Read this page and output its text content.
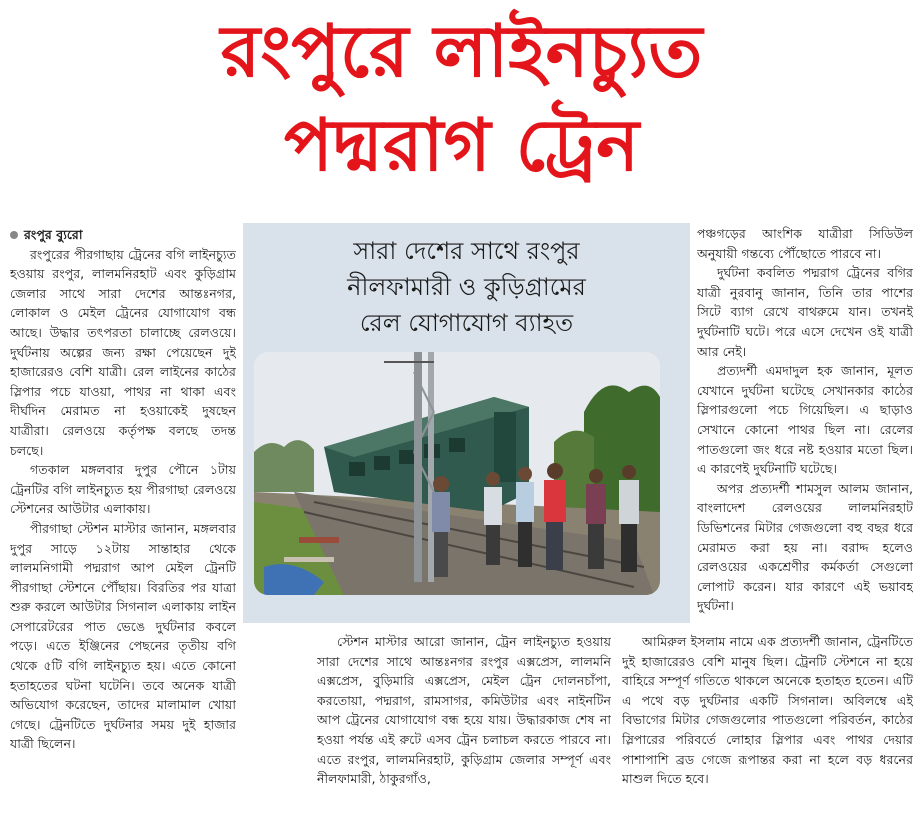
রংপুরে লাইনচ্যুত
পদ্মরাগ ট্রেন

রংপুর ব্যুরো

রংপুরের পীরগাছায় ট্রেনের বগি লাইনচ্যুত হওয়ায় রংপুর, লালমনিরহাট এবং কুড়িগ্রাম জেলার সাথে সারা দেশের আন্তঃনগর, লোকাল ও মেইল ট্রেনের যোগাযোগ বন্ধ আছে। উদ্ধার তৎপরতা চালাচ্ছে রেলওয়ে। দুর্ঘটনায় অল্পের জন্য রক্ষা পেয়েছেন দুই হাজারেরও বেশি যাত্রী। রেল লাইনের কাঠের স্লিপার পচে যাওয়া, পাথর না থাকা এবং দীর্ঘদিন মেরামত না হওয়াকেই দুষছেন যাত্রীরা। রেলওয়ে কর্তৃপক্ষ বলছে তদন্ত চলছে।

গতকাল মঙ্গলবার দুপুর পৌনে ১টায় ট্রেনটির বগি লাইনচ্যুত হয় পীরগাছা রেলওয়ে স্টেশনের আউটার এলাকায়।

পীরগাছা স্টেশন মাস্টার জানান, মঙ্গলবার দুপুর সাড়ে ১২টায় সান্তাহার থেকে লালমনিগামী পদ্মরাগ আপ মেইল ট্রেনটি পীরগাছা স্টেশনে পৌঁছায়। বিরতির পর যাত্রা শুরু করলে আউটার সিগনাল এলাকায় লাইন সেপারেটরের পাত ভেঙে দুর্ঘটনার কবলে পড়ে। এতে ইঞ্জিনের পেছনের তৃতীয় বগি থেকে ৫টি বগি লাইনচ্যুত হয়। এতে কোনো হতাহতের ঘটনা ঘটেনি। তবে অনেক যাত্রী অভিযোগ করেছেন, তাদের মালামাল খোয়া গেছে। ট্রেনটিতে দুর্ঘটনার সময় দুই হাজার যাত্রী ছিলেন।

সারা দেশের সাথে রংপুর
নীলফামারী ও কুড়িগ্রামের
রেল যোগাযোগ ব্যাহত

পঞ্চগড়ের আংশিক যাত্রীরা সিডিউল অনুযায়ী গন্তব্যে পৌঁছোতে পারবে না।

দুর্ঘটনা কবলিত পদ্মরাগ ট্রেনের বগির যাত্রী নুরবানু জানান, তিনি তার পাশের সিটে ব্যাগ রেখে বাথরুমে যান। তখনই দুর্ঘটনাটি ঘটে। পরে এসে দেখেন ওই যাত্রী আর নেই।

প্রত্যদর্শী এমদাদুল হক জানান, মূলত যেখানে দুর্ঘটনা ঘটেছে সেখানকার কাঠের স্লিপারগুলো পচে গিয়েছিল। এ ছাড়াও সেখানে কোনো পাথর ছিল না। রেলের পাতগুলো জং ধরে নষ্ট হওয়ার মতো ছিল। এ কারণেই দুর্ঘটনাটি ঘটেছে।

অপর প্রত্যদর্শী শামসুল আলম জানান, বাংলাদেশ রেলওয়ের লালমনিরহাট ডিভিশনের মিটার গেজগুলো বহু বছর ধরে মেরামত করা হয় না। বরাদ্দ হলেও রেলওয়ের একশ্রেণীর কর্মকর্তা সেগুলো লোপাট করেন। যার কারণে এই ভয়াবহ দুর্ঘটনা।

স্টেশন মাস্টার আরো জানান, ট্রেন লাইনচ্যুত হওয়ায় সারা দেশের সাথে আন্তঃনগর রংপুর এক্সপ্রেস, লালমনি এক্সপ্রেস, বুড়িমারি এক্সপ্রেস, মেইল ট্রেন দোলনচাঁপা, করতোয়া, পদ্মরাগ, রামসাগর, কমিউটার এবং নাইনটিন আপ ট্রেনের যোগাযোগ বন্ধ হয়ে যায়। উদ্ধারকাজ শেষ না হওয়া পর্যন্ত এই রুটে এসব ট্রেন চলাচল করতে পারবে না। এতে রংপুর, লালমনিরহাট, কুড়িগ্রাম জেলার সম্পূর্ণ এবং নীলফামারী, ঠাকুরগাঁও,

আমিরুল ইসলাম নামে এক প্রত্যদর্শী জানান, ট্রেনটিতে দুই হাজারেরও বেশি মানুষ ছিল। ট্রেনটি স্টেশনে না হয়ে বাহিরে সম্পূর্ণ গতিতে থাকলে অনেকে হতাহত হতেন। এটি এ পথে বড় দুর্ঘটনার একটি সিগনাল। অবিলম্বে এই বিভাগের মিটার গেজগুলোর পাতগুলো পরিবর্তন, কাঠের স্লিপারের পরিবর্তে লোহার স্লিপার এবং পাথর দেয়ার পাশাপাশি ব্রড গেজে রূপান্তর করা না হলে বড় ধরনের মাশুল দিতে হবে।
